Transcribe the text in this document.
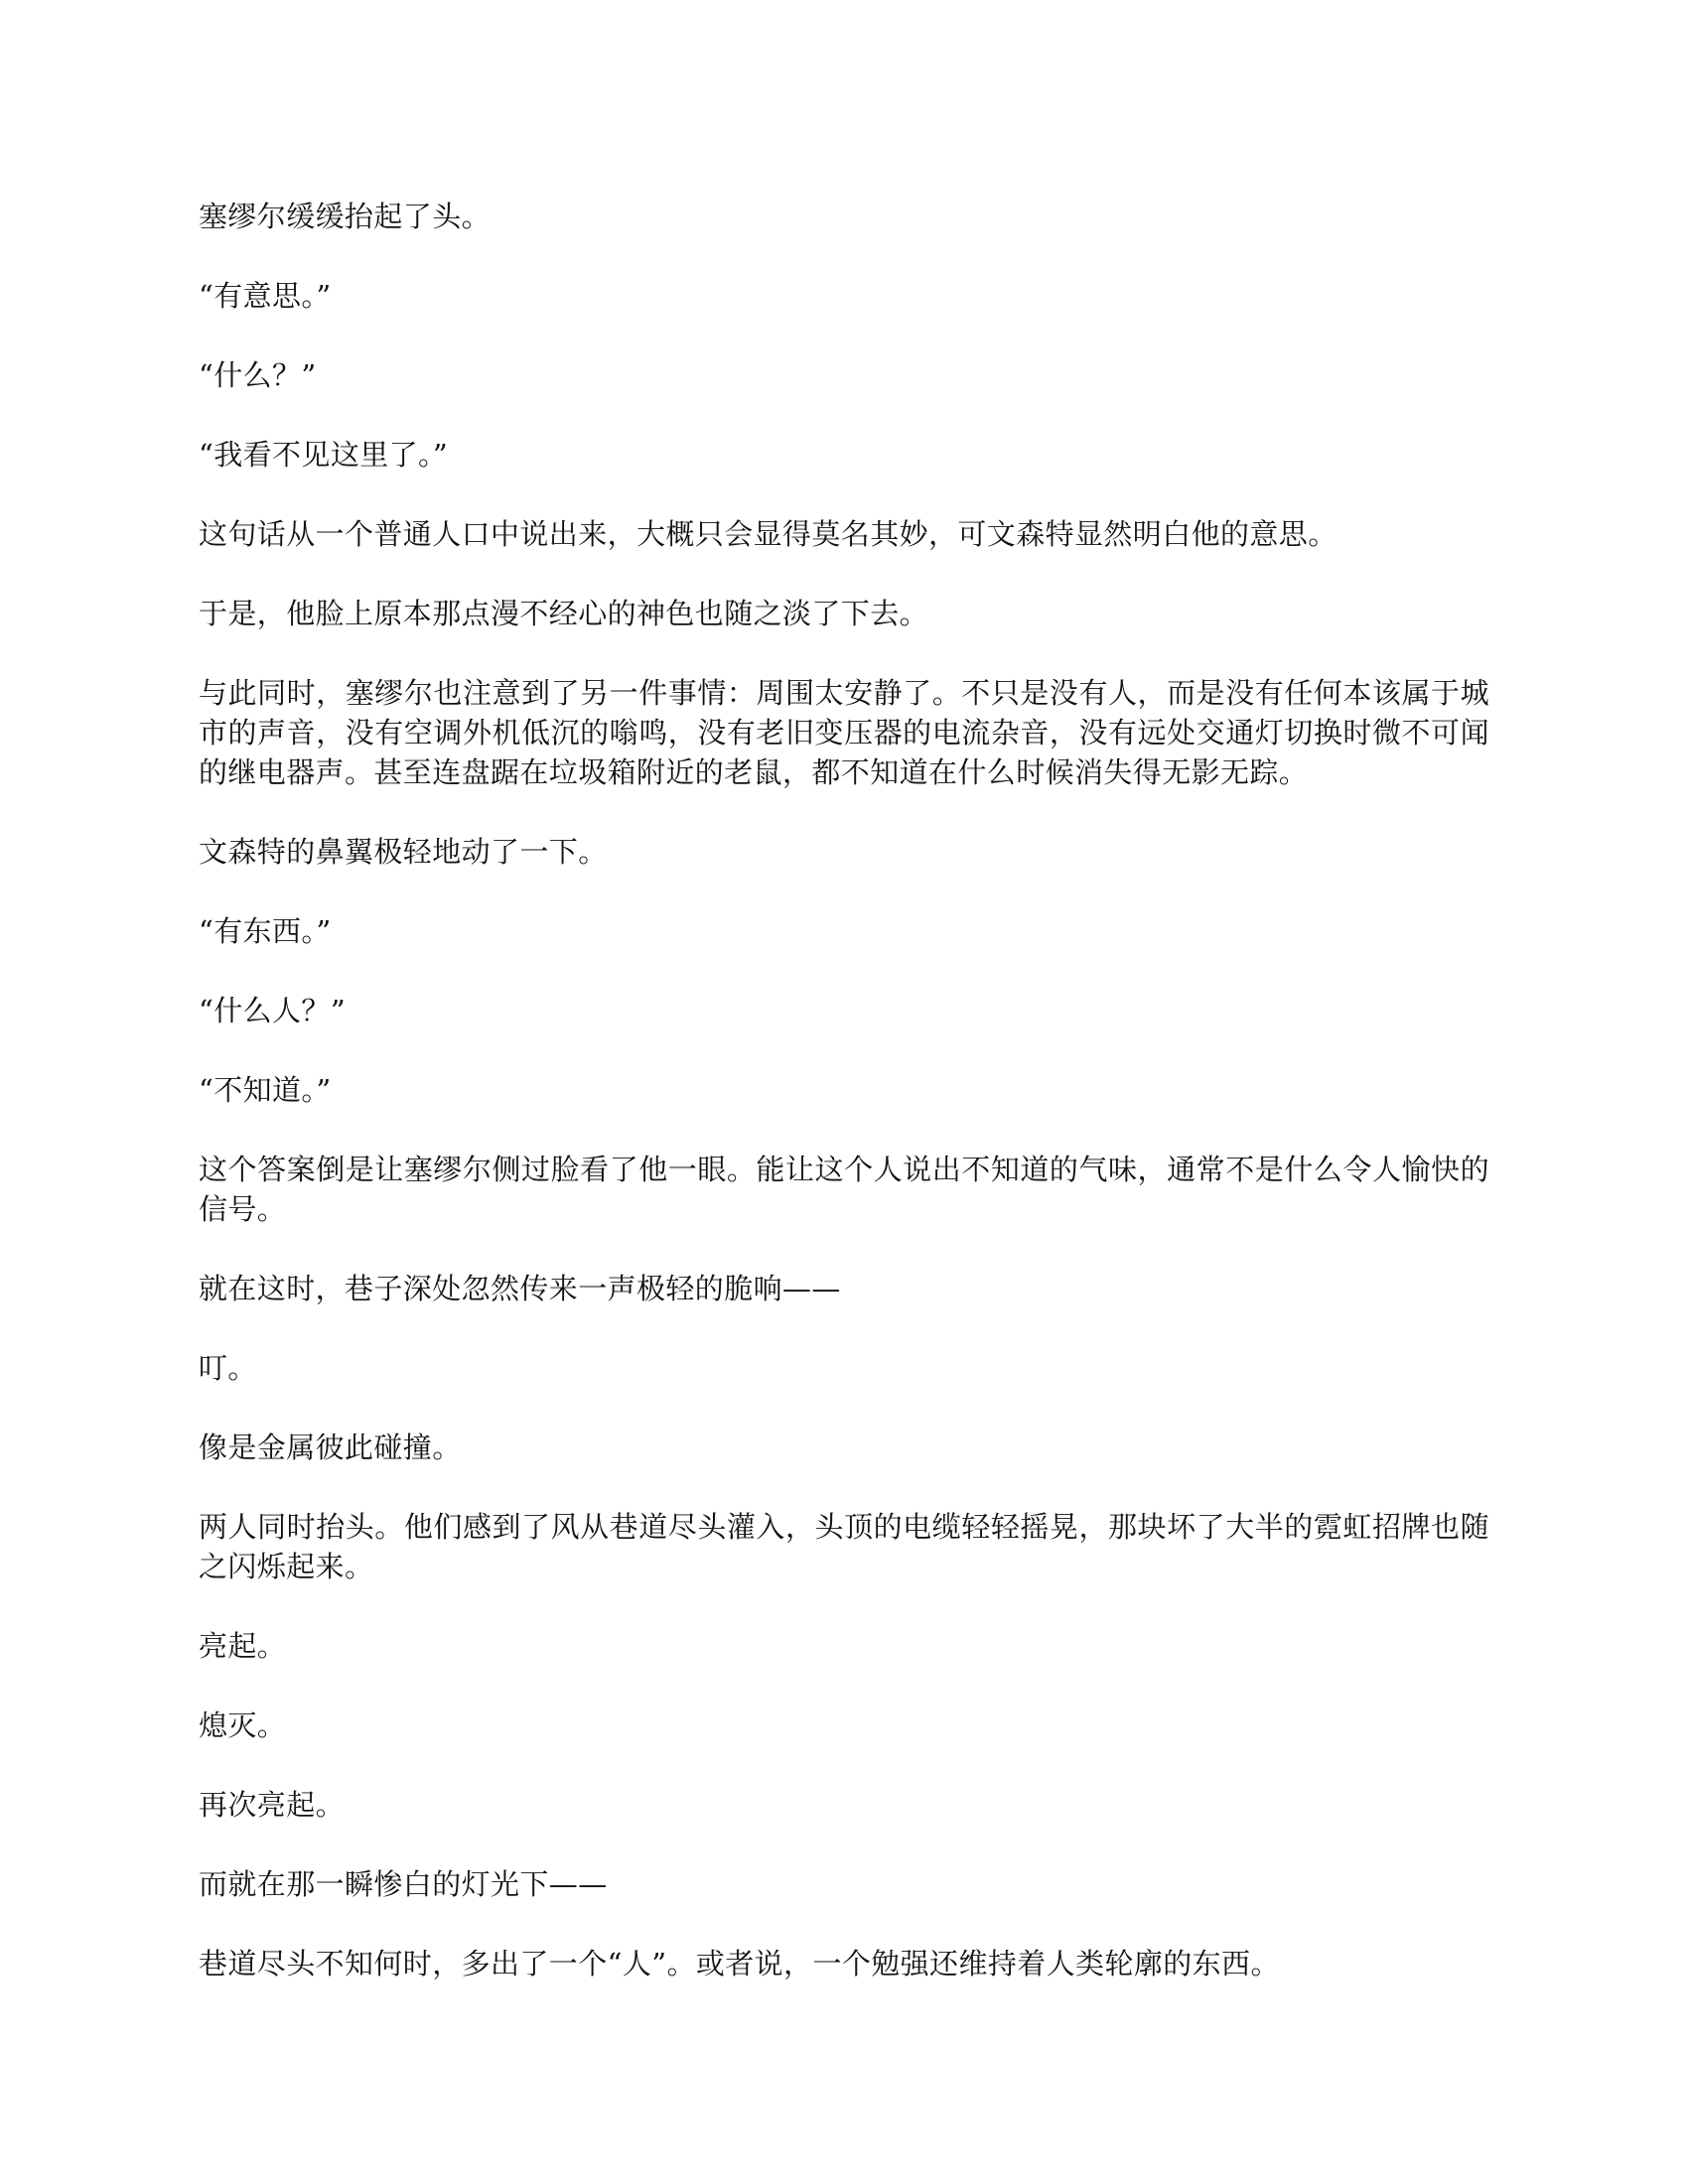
塞缪尔缓缓抬起了头。

“有意思。”

“什么？”

“我看不见这里了。”

这句话从一个普通人口中说出来，大概只会显得莫名其妙，可文森特显然明白他的意思。

于是，他脸上原本那点漫不经心的神色也随之淡了下去。

与此同时，塞缪尔也注意到了另一件事情：周围太安静了。不只是没有人，而是没有任何本该属于城市的声音，没有空调外机低沉的嗡鸣，没有老旧变压器的电流杂音，没有远处交通灯切换时微不可闻的继电器声。甚至连盘踞在垃圾箱附近的老鼠，都不知道在什么时候消失得无影无踪。

文森特的鼻翼极轻地动了一下。

“有东西。”

“什么人？”

“不知道。”

这个答案倒是让塞缪尔侧过脸看了他一眼。能让这个人说出不知道的气味，通常不是什么令人愉快的信号。

就在这时，巷子深处忽然传来一声极轻的脆响——

叮。

像是金属彼此碰撞。

两人同时抬头。他们感到了风从巷道尽头灌入，头顶的电缆轻轻摇晃，那块坏了大半的霓虹招牌也随之闪烁起来。

亮起。

熄灭。

再次亮起。

而就在那一瞬惨白的灯光下——

巷道尽头不知何时，多出了一个“人”。或者说，一个勉强还维持着人类轮廓的东西。
